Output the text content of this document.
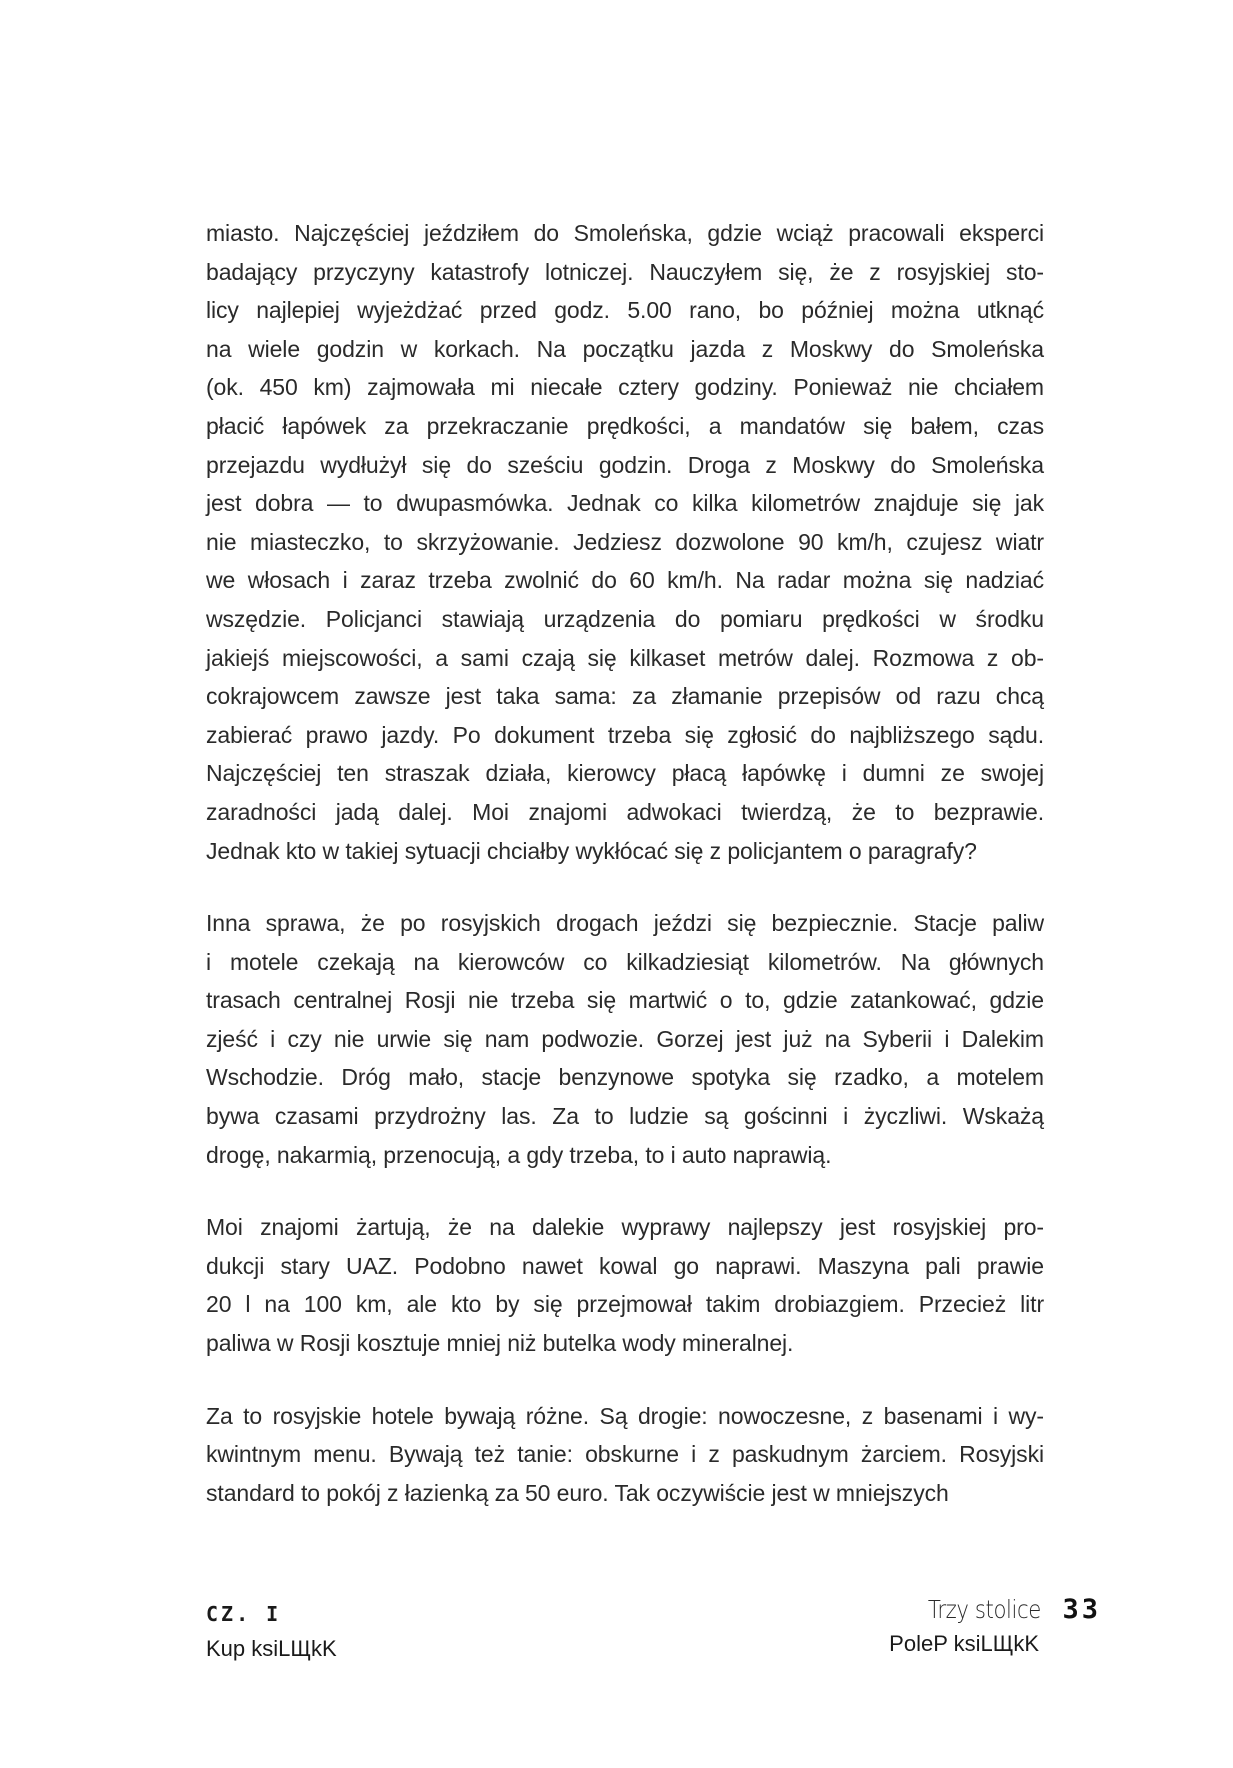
miasto. Najczęściej jeździłem do Smoleńska, gdzie wciąż pracowali eksperci
badający przyczyny katastrofy lotniczej. Nauczyłem się, że z rosyjskiej sto-
licy najlepiej wyjeżdżać przed godz. 5.00 rano, bo później można utknąć
na wiele godzin w korkach. Na początku jazda z Moskwy do Smoleńska
(ok. 450 km) zajmowała mi niecałe cztery godziny. Ponieważ nie chciałem
płacić łapówek za przekraczanie prędkości, a mandatów się bałem, czas
przejazdu wydłużył się do sześciu godzin. Droga z Moskwy do Smoleńska
jest dobra — to dwupasmówka. Jednak co kilka kilometrów znajduje się jak
nie miasteczko, to skrzyżowanie. Jedziesz dozwolone 90 km/h, czujesz wiatr
we włosach i zaraz trzeba zwolnić do 60 km/h. Na radar można się nadziać
wszędzie. Policjanci stawiają urządzenia do pomiaru prędkości w środku
jakiejś miejscowości, a sami czają się kilkaset metrów dalej. Rozmowa z ob-
cokrajowcem zawsze jest taka sama: za złamanie przepisów od razu chcą
zabierać prawo jazdy. Po dokument trzeba się zgłosić do najbliższego sądu.
Najczęściej ten straszak działa, kierowcy płacą łapówkę i dumni ze swojej
zaradności jadą dalej. Moi znajomi adwokaci twierdzą, że to bezprawie.
Jednak kto w takiej sytuacji chciałby wykłócać się z policjantem o paragrafy?
Inna sprawa, że po rosyjskich drogach jeździ się bezpiecznie. Stacje paliw
i motele czekają na kierowców co kilkadziesiąt kilometrów. Na głównych
trasach centralnej Rosji nie trzeba się martwić o to, gdzie zatankować, gdzie
zjeść i czy nie urwie się nam podwozie. Gorzej jest już na Syberii i Dalekim
Wschodzie. Dróg mało, stacje benzynowe spotyka się rzadko, a motelem
bywa czasami przydrożny las. Za to ludzie są gościnni i życzliwi. Wskażą
drogę, nakarmią, przenocują, a gdy trzeba, to i auto naprawią.
Moi znajomi żartują, że na dalekie wyprawy najlepszy jest rosyjskiej pro-
dukcji stary UAZ. Podobno nawet kowal go naprawi. Maszyna pali prawie
20 l na 100 km, ale kto by się przejmował takim drobiazgiem. Przecież litr
paliwa w Rosji kosztuje mniej niż butelka wody mineralnej.
Za to rosyjskie hotele bywają różne. Są drogie: nowoczesne, z basenami i wy-
kwintnym menu. Bywają też tanie: obskurne i z paskudnym żarciem. Rosyjski
standard to pokój z łazienką za 50 euro. Tak oczywiście jest w mniejszych
CZ. I
Kup ksiLЩkK
Trzy stolice 33
PoleP ksiLЩkK
